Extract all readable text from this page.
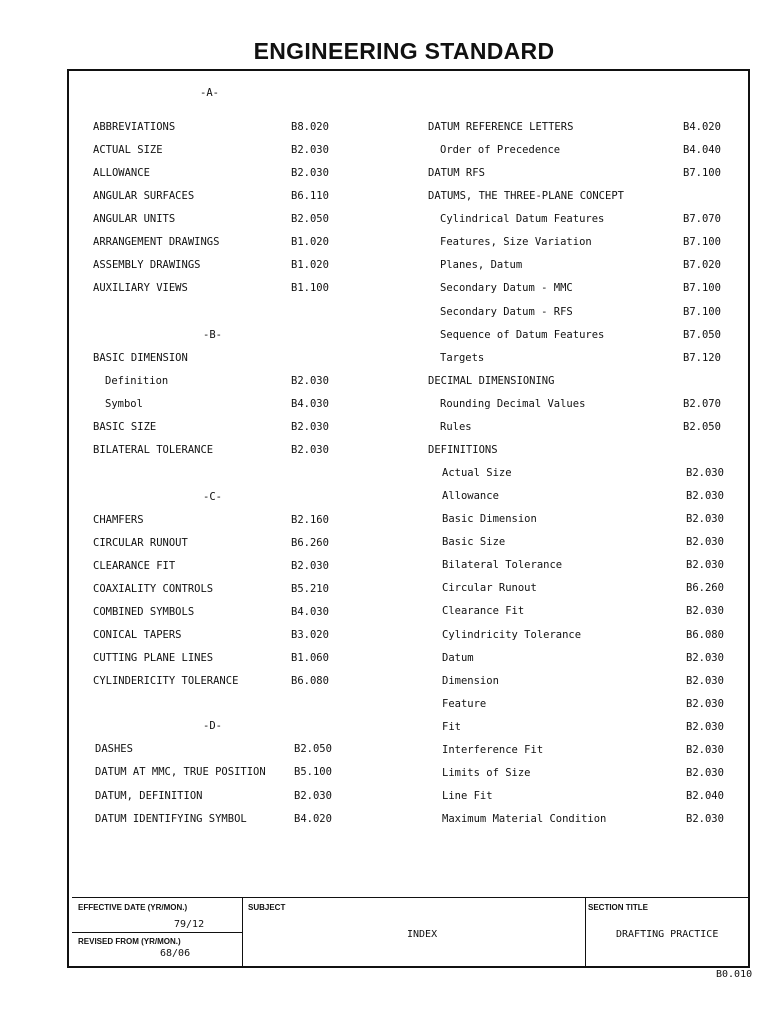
ENGINEERING STANDARD
-A-
ABBREVIATIONS	B8.020
ACTUAL SIZE	B2.030
ALLOWANCE	B2.030
ANGULAR SURFACES	B6.110
ANGULAR UNITS	B2.050
ARRANGEMENT DRAWINGS	B1.020
ASSEMBLY DRAWINGS	B1.020
AUXILIARY VIEWS	B1.100
-B-
BASIC DIMENSION
Definition	B2.030
Symbol	B4.030
BASIC SIZE	B2.030
BILATERAL TOLERANCE	B2.030
-C-
CHAMFERS	B2.160
CIRCULAR RUNOUT	B6.260
CLEARANCE FIT	B2.030
COAXIALITY CONTROLS	B5.210
COMBINED SYMBOLS	B4.030
CONICAL TAPERS	B3.020
CUTTING PLANE LINES	B1.060
CYLINDERICITY TOLERANCE	B6.080
-D-
DASHES	B2.050
DATUM AT MMC, TRUE POSITION	B5.100
DATUM, DEFINITION	B2.030
DATUM IDENTIFYING SYMBOL	B4.020
DATUM REFERENCE LETTERS	B4.020
Order of Precedence	B4.040
DATUM RFS	B7.100
DATUMS, THE THREE-PLANE CONCEPT
Cylindrical Datum Features	B7.070
Features, Size Variation	B7.100
Planes, Datum	B7.020
Secondary Datum - MMC	B7.100
Secondary Datum - RFS	B7.100
Sequence of Datum Features	B7.050
Targets	B7.120
DECIMAL DIMENSIONING
Rounding Decimal Values	B2.070
Rules	B2.050
DEFINITIONS
Actual Size	B2.030
Allowance	B2.030
Basic Dimension	B2.030
Basic Size	B2.030
Bilateral Tolerance	B2.030
Circular Runout	B6.260
Clearance Fit	B2.030
Cylindricity Tolerance	B6.080
Datum	B2.030
Dimension	B2.030
Feature	B2.030
Fit	B2.030
Interference Fit	B2.030
Limits of Size	B2.030
Line Fit	B2.040
Maximum Material Condition	B2.030
EFFECTIVE DATE (YR/MON.)
79/12
REVISED FROM (YR/MON.)
68/06
SUBJECT
INDEX
SECTION TITLE
DRAFTING PRACTICE
B0.010
